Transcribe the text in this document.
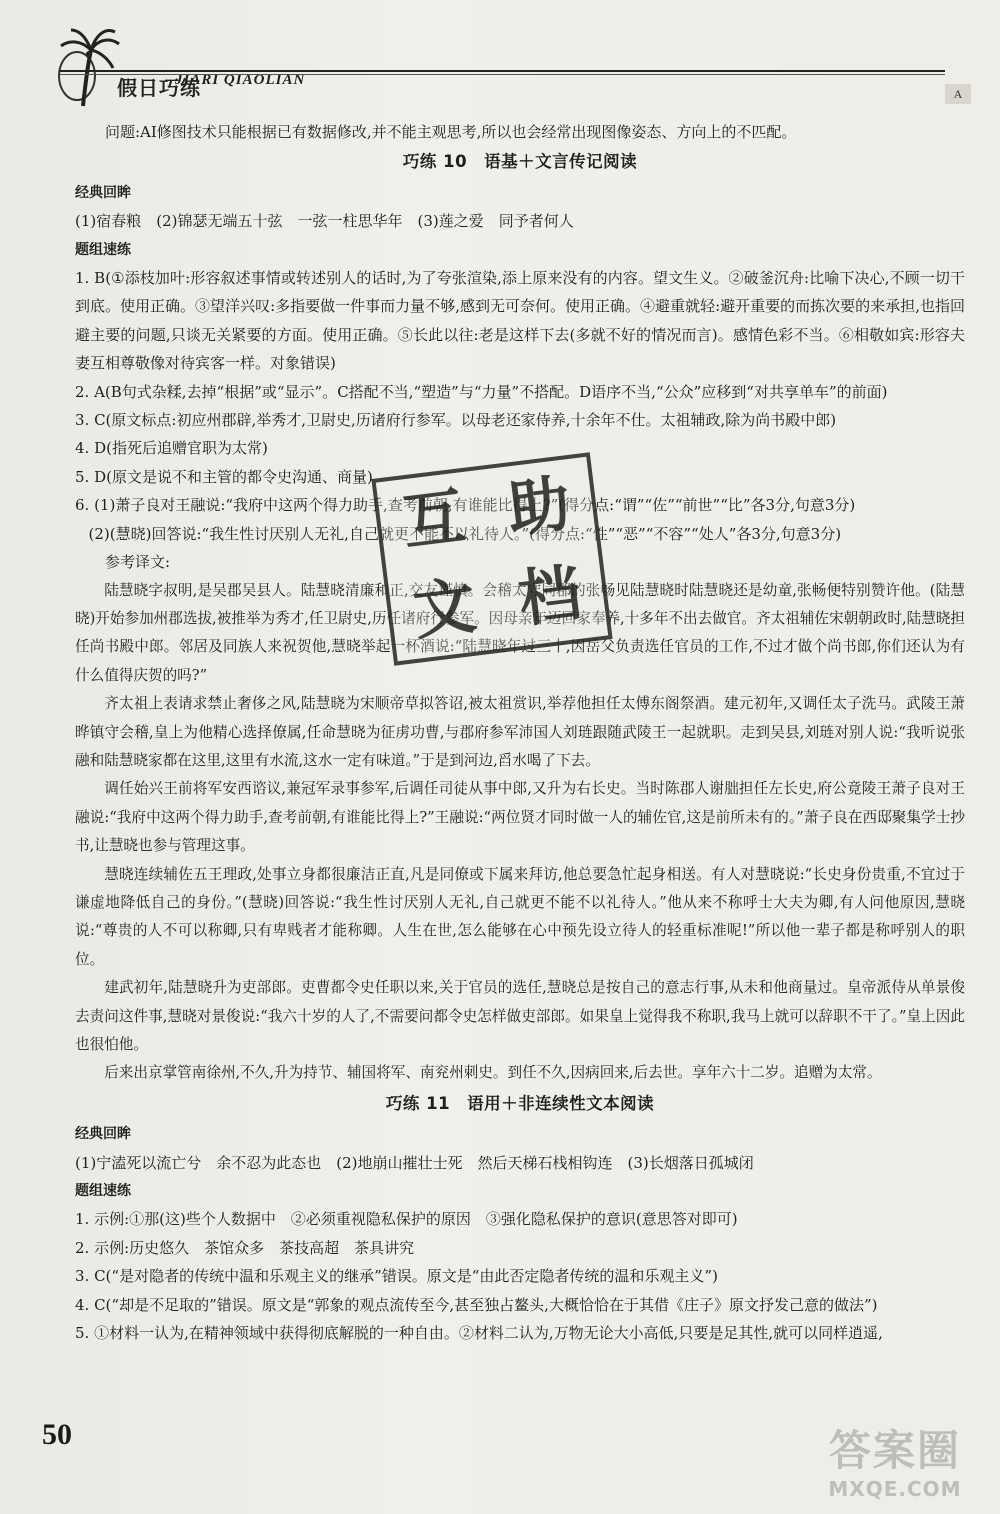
假日巧练
JIARI QIAOLIAN
A

问题:AI修图技术只能根据已有数据修改,并不能主观思考,所以也会经常出现图像姿态、方向上的不匹配。

巧练 10　语基＋文言传记阅读

经典回眸

(1)宿春粮　(2)锦瑟无端五十弦　一弦一柱思华年　(3)莲之爱　同予者何人

题组速练

1. B(①添枝加叶:形容叙述事情或转述别人的话时,为了夸张渲染,添上原来没有的内容。望文生义。②破釜沉舟:比喻下决心,不顾一切干到底。使用正确。③望洋兴叹:多指要做一件事而力量不够,感到无可奈何。使用正确。④避重就轻:避开重要的而拣次要的来承担,也指回避主要的问题,只谈无关紧要的方面。使用正确。⑤长此以往:老是这样下去(多就不好的情况而言)。感情色彩不当。⑥相敬如宾:形容夫妻互相尊敬像对待宾客一样。对象错误)

2. A(B句式杂糅,去掉“根据”或“显示”。C搭配不当,“塑造”与“力量”不搭配。D语序不当,“公众”应移到“对共享单车”的前面)

3. C(原文标点:初应州郡辟,举秀才,卫尉史,历诸府行参军。以母老还家侍养,十余年不仕。太祖辅政,除为尚书殿中郎)

4. D(指死后追赠官职为太常)

5. D(原文是说不和主管的都令史沟通、商量)

6. (1)萧子良对王融说:“我府中这两个得力助手,查考前朝,有谁能比得上?”(得分点:“谓”“佐”“前世”“比”各3分,句意3分)

(2)(慧晓)回答说:“我生性讨厌别人无礼,自己就更不能不以礼待人。”(得分点:“性”“恶”“不容”“处人”各3分,句意3分)

参考译文:

陆慧晓字叔明,是吴郡吴县人。陆慧晓清廉和正,交友谨慎。会稽太守同郡的张畅见陆慧晓时陆慧晓还是幼童,张畅便特别赞许他。(陆慧晓)开始参加州郡选拔,被推举为秀才,任卫尉史,历任诸府行参军。因母亲年迈回家奉养,十多年不出去做官。齐太祖辅佐宋朝朝政时,陆慧晓担任尚书殿中郎。邻居及同族人来祝贺他,慧晓举起一杯酒说:“陆慧晓年过三十,因岳父负责选任官员的工作,不过才做个尚书郎,你们还认为有什么值得庆贺的吗?”

齐太祖上表请求禁止奢侈之风,陆慧晓为宋顺帝草拟答诏,被太祖赏识,举荐他担任太傅东阁祭酒。建元初年,又调任太子洗马。武陵王萧晔镇守会稽,皇上为他精心选择僚属,任命慧晓为征虏功曹,与郡府参军沛国人刘琏跟随武陵王一起就职。走到吴县,刘琏对别人说:“我听说张融和陆慧晓家都在这里,这里有水流,这水一定有味道。”于是到河边,舀水喝了下去。

调任始兴王前将军安西谘议,兼冠军录事参军,后调任司徒从事中郎,又升为右长史。当时陈郡人谢朏担任左长史,府公竟陵王萧子良对王融说:“我府中这两个得力助手,查考前朝,有谁能比得上?”王融说:“两位贤才同时做一人的辅佐官,这是前所未有的。”萧子良在西邸聚集学士抄书,让慧晓也参与管理这事。

慧晓连续辅佐五王理政,处事立身都很廉洁正直,凡是同僚或下属来拜访,他总要急忙起身相送。有人对慧晓说:“长史身份贵重,不宜过于谦虚地降低自己的身份。”(慧晓)回答说:“我生性讨厌别人无礼,自己就更不能不以礼待人。”他从来不称呼士大夫为卿,有人问他原因,慧晓说:“尊贵的人不可以称卿,只有卑贱者才能称卿。人生在世,怎么能够在心中预先设立待人的轻重标准呢!”所以他一辈子都是称呼别人的职位。

建武初年,陆慧晓升为吏部郎。吏曹都令史任职以来,关于官员的选任,慧晓总是按自己的意志行事,从未和他商量过。皇帝派侍从单景俊去责问这件事,慧晓对景俊说:“我六十岁的人了,不需要问都令史怎样做吏部郎。如果皇上觉得我不称职,我马上就可以辞职不干了。”皇上因此也很怕他。

后来出京掌管南徐州,不久,升为持节、辅国将军、南兖州刺史。到任不久,因病回来,后去世。享年六十二岁。追赠为太常。

巧练 11　语用＋非连续性文本阅读

经典回眸

(1)宁溘死以流亡兮　余不忍为此态也　(2)地崩山摧壮士死　然后天梯石栈相钩连　(3)长烟落日孤城闭

题组速练

1. 示例:①那(这)些个人数据中　②必须重视隐私保护的原因　③强化隐私保护的意识(意思答对即可)

2. 示例:历史悠久　茶馆众多　茶技高超　茶具讲究

3. C(“是对隐者的传统中温和乐观主义的继承”错误。原文是“由此否定隐者传统的温和乐观主义”)

4. C(“却是不足取的”错误。原文是“郭象的观点流传至今,甚至独占鳌头,大概恰恰在于其借《庄子》原文抒发己意的做法”)

5. ①材料一认为,在精神领域中获得彻底解脱的一种自由。②材料二认为,万物无论大小高低,只要是足其性,就可以同样逍遥,

互 助
文 档
50	答案圈
MXQE.COM
